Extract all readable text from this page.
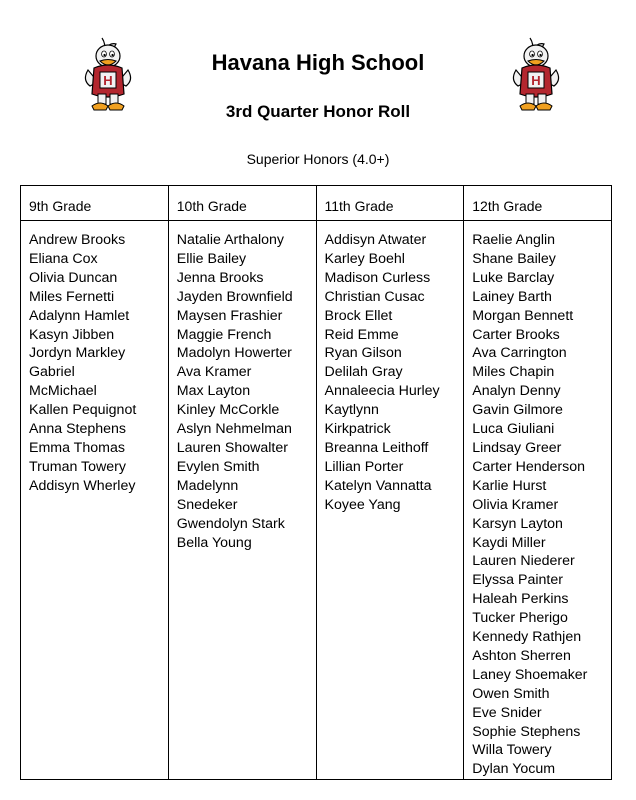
H
Havana High School
3rd Quarter Honor Roll
Superior Honors (4.0+)
H
9th Grade
Andrew Brooks
Eliana Cox
Olivia Duncan
Miles Fernetti
Adalynn Hamlet
Kasyn Jibben
Jordyn Markley
Gabriel
McMichael
Kallen Pequignot
Anna Stephens
Emma Thomas
Truman Towery
Addisyn Wherley
10th Grade
Natalie Arthalony
Ellie Bailey
Jenna Brooks
Jayden Brownfield
Maysen Frashier
Maggie French
Madolyn Howerter
Ava Kramer
Max Layton
Kinley McCorkle
Aslyn Nehmelman
Lauren Showalter
Evylen Smith
Madelynn
Snedeker
Gwendolyn Stark
Bella Young
11th Grade
Addisyn Atwater
Karley Boehl
Madison Curless
Christian Cusac
Brock Ellet
Reid Emme
Ryan Gilson
Delilah Gray
Annaleecia Hurley
Kaytlynn
Kirkpatrick
Breanna Leithoff
Lillian Porter
Katelyn Vannatta
Koyee Yang
12th Grade
Raelie Anglin
Shane Bailey
Luke Barclay
Lainey Barth
Morgan Bennett
Carter Brooks
Ava Carrington
Miles Chapin
Analyn Denny
Gavin Gilmore
Luca Giuliani
Lindsay Greer
Carter Henderson
Karlie Hurst
Olivia Kramer
Karsyn Layton
Kaydi Miller
Lauren Niederer
Elyssa Painter
Haleah Perkins
Tucker Pherigo
Kennedy Rathjen
Ashton Sherren
Laney Shoemaker
Owen Smith
Eve Snider
Sophie Stephens
Willa Towery
Dylan Yocum
